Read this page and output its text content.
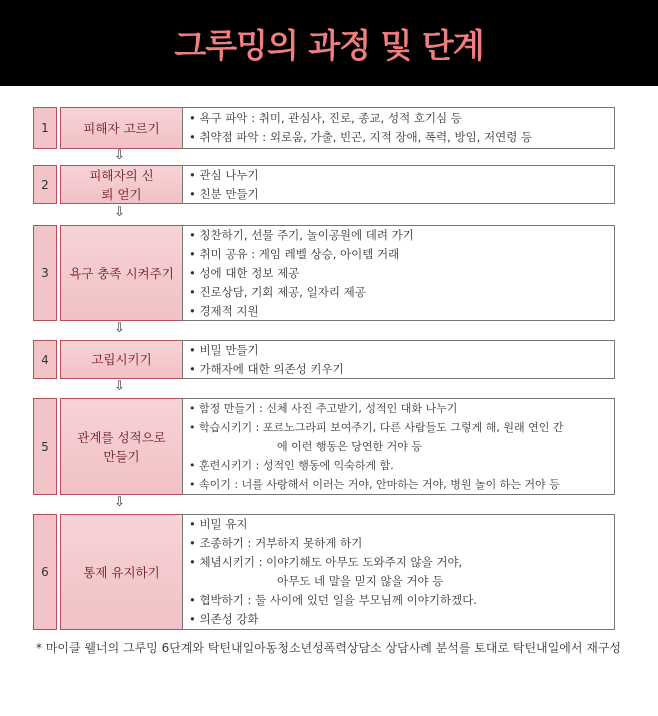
그루밍의 과정 및 단계
1	피해자 고르기
• 욕구 파악 : 취미, 관심사, 진로, 종교, 성적 호기심 등
• 취약점 파악 : 외로움, 가출, 빈곤, 지적 장애, 폭력, 방임, 저연령 등
⇩
2
피해자의 신뢰 얻기
• 관심 나누기
• 친분 만들기
⇩
3	욕구 충족 시켜주기
• 칭찬하기, 선물 주기, 놀이공원에 데려 가기
• 취미 공유 : 게임 레벨 상승, 아이템 거래
• 성에 대한 정보 제공
• 진로상담, 기회 제공, 일자리 제공
• 경제적 지원
⇩
4	고립시키기
• 비밀 만들기
• 가해자에 대한 의존성 키우기
⇩
5
관계를 성적으로 만들기
• 함정 만들기 : 신체 사진 주고받기, 성적인 대화 나누기
• 학습시키기 : 포르노그라피 보여주기, 다른 사람들도 그렇게 해, 원래 연인 간
에 이런 행동은 당연한 거야 등
• 훈련시키기 : 성적인 행동에 익숙하게 함.
• 속이기 : 너를 사랑해서 이러는 거야, 안마하는 거야, 병원 놀이 하는 거야 등
⇩
6	통제 유지하기
• 비밀 유지
• 조종하기 : 거부하지 못하게 하기
• 체념시키기 : 이야기해도 아무도 도와주지 않을 거야,
아무도 네 말을 믿지 않을 거야 등
• 협박하기 : 둘 사이에 있던 일을 부모님께 이야기하겠다.
• 의존성 강화
* 마이클 웰너의 그루밍 6단계와 탁틴내일아동청소년성폭력상담소 상담사례 분석를 토대로 탁틴내일에서 재구성
